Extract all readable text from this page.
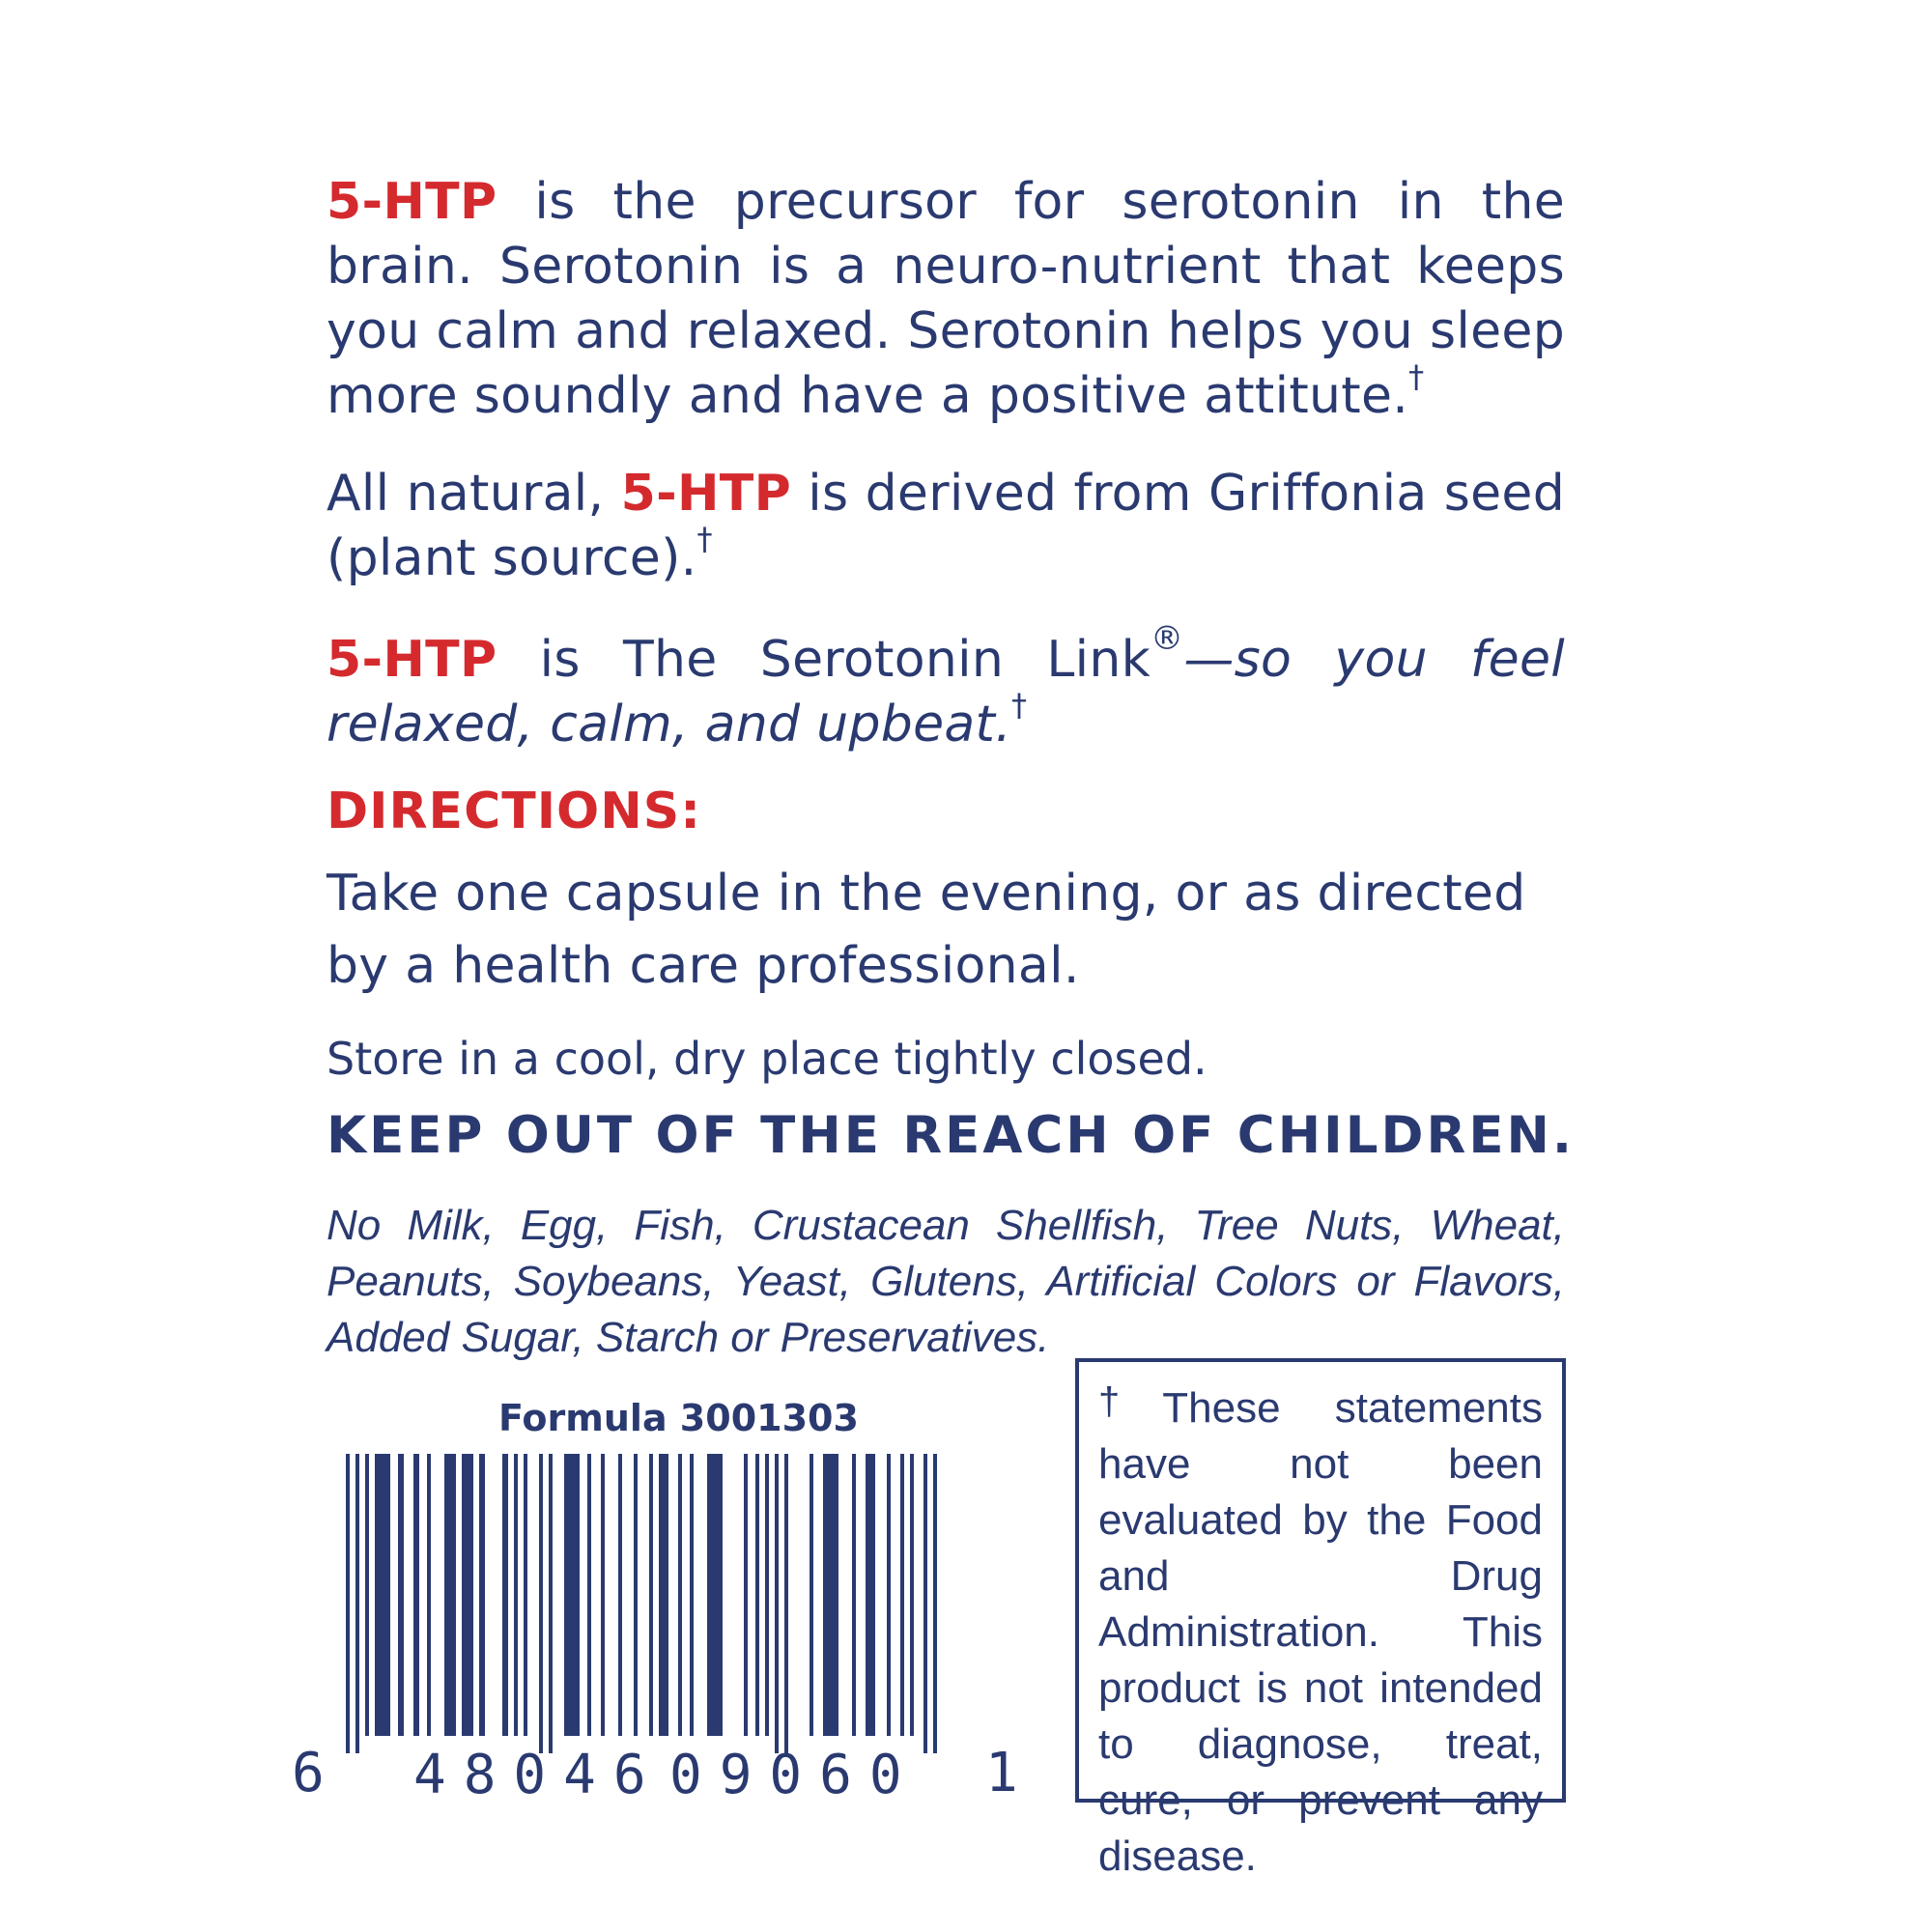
5-HTP is the precursor for serotonin in the brain. Serotonin is a neuro-nutrient that keeps you calm and relaxed. Serotonin helps you sleep more soundly and have a positive attitute.†

All natural, 5-HTP is derived from Griffonia seed (plant source).†

5-HTP is The Serotonin Link®—so you feel relaxed, calm, and upbeat.†

DIRECTIONS:

Take one capsule in the evening, or as directed by a health care professional.

Store in a cool, dry place tightly closed.
KEEP OUT OF THE REACH OF CHILDREN.

No Milk, Egg, Fish, Crustacean Shellfish, Tree Nuts, Wheat, Peanuts, Soybeans, Yeast, Glutens, Artificial Colors or Flavors, Added Sugar, Starch or Preservatives.

Formula 3001303
6 48046 09060 1
†These statements have not been evaluated by the Food and Drug Administration. This product is not intended to diagnose, treat, cure, or prevent any disease.
